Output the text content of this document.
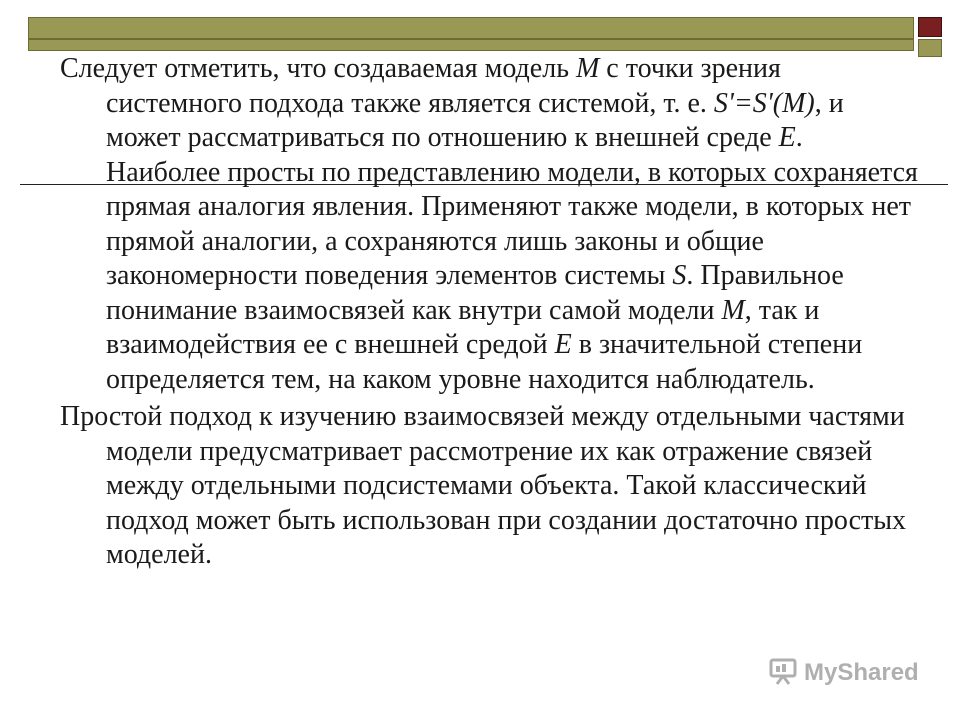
Следует отметить, что создаваемая модель М с точки зрения системного подхода также является системой, т. е. S'=S'(M), и может рассматриваться по отношению к внешней среде Е. Наиболее просты по представлению модели, в которых сохраняется прямая аналогия явления. Применяют также модели, в которых нет прямой аналогии, а сохраняются лишь законы и общие закономерности поведения элементов системы S. Правильное понимание взаимосвязей как внутри самой модели М, так и взаимодействия ее с внешней средой Е в значительной степени определяется тем, на каком уровне находится наблюдатель.

Простой подход к изучению взаимосвязей между отдельными частями модели предусматривает рассмотрение их как отражение связей между отдельными подсистемами объекта. Такой классический подход может быть использован при создании достаточно простых моделей.

MyShared
